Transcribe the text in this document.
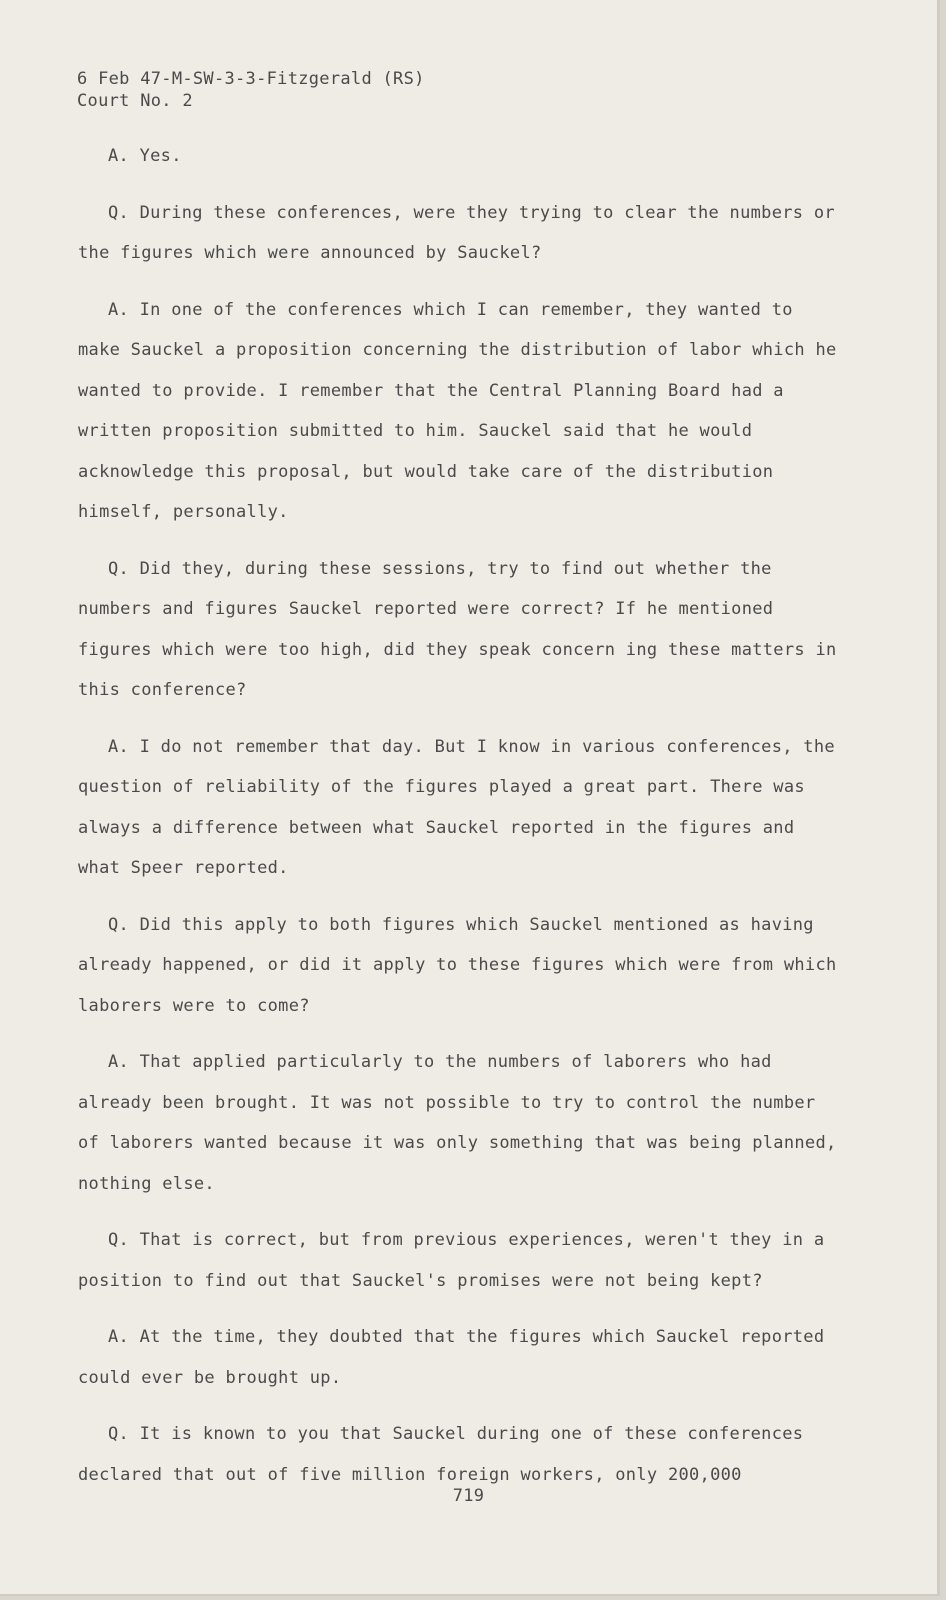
6 Feb 47-M-SW-3-3-Fitzgerald (RS)
Court No. 2

A. Yes.

Q. During these conferences, were they trying to clear the numbers or the figures which were announced by Sauckel?

A. In one of the conferences which I can remember, they wanted to make Sauckel a proposition concerning the distribution of labor which he wanted to provide. I remember that the Central Planning Board had a written proposition submitted to him. Sauckel said that he would acknowledge this proposal, but would take care of the distribution himself, personally.

Q. Did they, during these sessions, try to find out whether the numbers and figures Sauckel reported were correct? If he mentioned figures which were too high, did they speak concern ing these matters in this conference?

A. I do not remember that day. But I know in various conferences, the question of reliability of the figures played a great part. There was always a difference between what Sauckel reported in the figures and what Speer reported.

Q. Did this apply to both figures which Sauckel mentioned as having already happened, or did it apply to these figures which were from which laborers were to come?

A. That applied particularly to the numbers of laborers who had already been brought. It was not possible to try to control the number of laborers wanted because it was only something that was being planned, nothing else.

Q. That is correct, but from previous experiences, weren't they in a position to find out that Sauckel's promises were not being kept?

A. At the time, they doubted that the figures which Sauckel reported could ever be brought up.

Q. It is known to you that Sauckel during one of these conferences declared that out of five million foreign workers, only 200,000

719
